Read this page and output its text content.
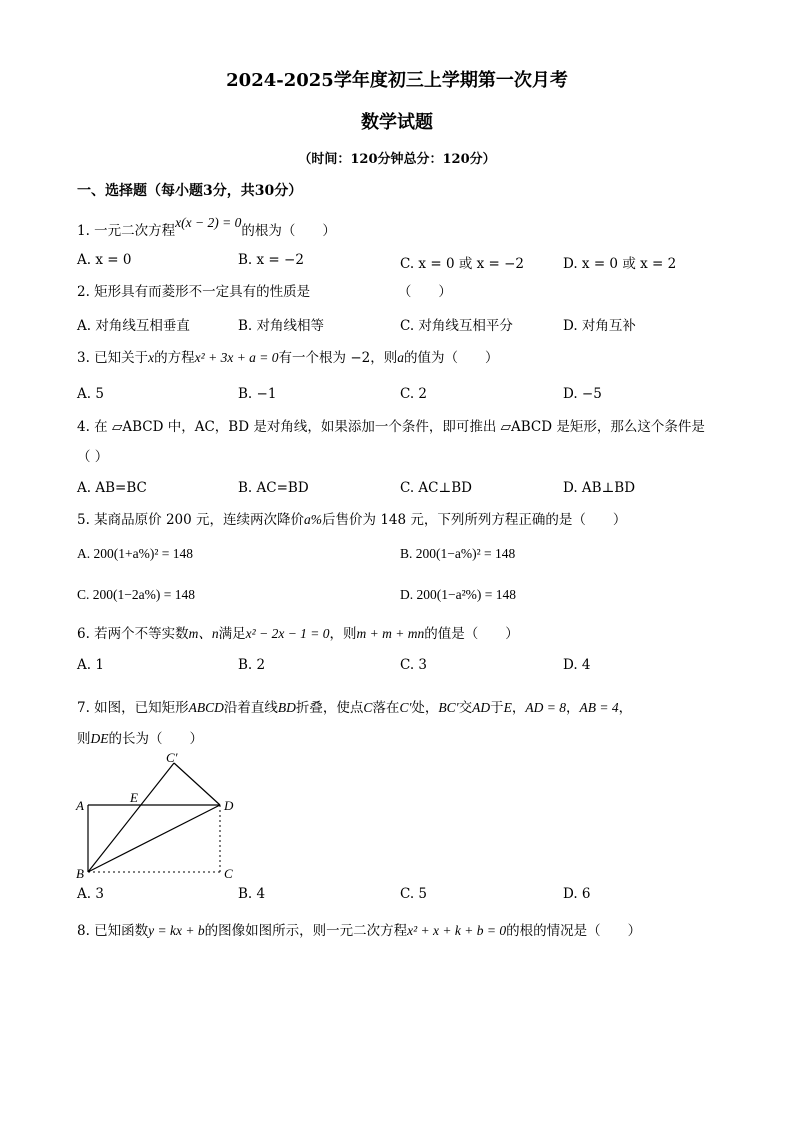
2024-2025学年度初三上学期第一次月考
数学试题
（时间：120分钟总分：120分）
一、选择题（每小题3分，共30分）
1. 一元二次方程x(x − 2) = 0的根为（　　）
A. x = 0	B. x = −2	C. x = 0 或 x = −2	D. x = 0 或 x = 2
2. 矩形具有而菱形不一定具有的性质是　　　　　　　（　　）
A. 对角线互相垂直	B. 对角线相等	C. 对角线互相平分	D. 对角互补
3. 已知关于x的方程x² + 3x + a = 0有一个根为 −2，则a的值为（　　）
A. 5	B. −1	C. 2	D. −5
4. 在 ▱ABCD 中，AC，BD 是对角线，如果添加一个条件，即可推出 ▱ABCD 是矩形，那么这个条件是
（ ）
A. AB=BC	B. AC=BD	C. AC⊥BD	D. AB⊥BD
5. 某商品原价 200 元，连续两次降价a%后售价为 148 元，下列所列方程正确的是（　　）
A. 200(1+a%)² = 148	B. 200(1−a%)² = 148
C. 200(1−2a%) = 148	D. 200(1−a²%) = 148
6. 若两个不等实数m、n满足x² − 2x − 1 = 0，则m + m + mn的值是（　　）
A. 1	B. 2	C. 3	D. 4
7. 如图，已知矩形ABCD沿着直线BD折叠，使点C落在C′处，BC′交AD于E，AD = 8，AB = 4，
则DE的长为（　　）
A
B	C
D
E
C′
A. 3	B. 4	C. 5	D. 6
8. 已知函数y = kx + b的图像如图所示，则一元二次方程x² + x + k + b = 0的根的情况是（　　）
